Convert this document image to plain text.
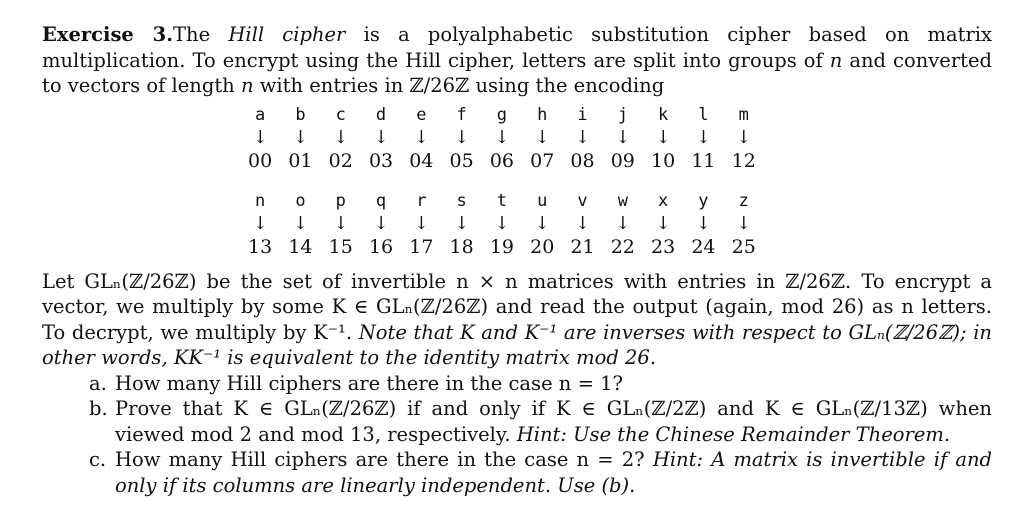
Exercise 3.The Hill cipher is a polyalphabetic substitution cipher based on matrix multiplication. To encrypt using the Hill cipher, letters are split into groups of n and converted to vectors of length n with entries in ℤ/26ℤ using the encoding

a
↓
00
b
↓
01
c
↓
02
d
↓
03
e
↓
04
f
↓
05
g
↓
06
h
↓
07
i
↓
08
j
↓
09
k
↓
10
l
↓
11
m
↓
12
n
↓
13
o
↓
14
p
↓
15
q
↓
16
r
↓
17
s
↓
18
t
↓
19
u
↓
20
v
↓
21
w
↓
22
x
↓
23
y
↓
24
z
↓
25

Let GLₙ(ℤ/26ℤ) be the set of invertible n × n matrices with entries in ℤ/26ℤ. To encrypt a vector, we multiply by some K ∈ GLₙ(ℤ/26ℤ) and read the output (again, mod 26) as n letters. To decrypt, we multiply by K⁻¹. Note that K and K⁻¹ are inverses with respect to GLₙ(ℤ/26ℤ); in other words, KK⁻¹ is equivalent to the identity matrix mod 26.

a. How many Hill ciphers are there in the case n = 1?
b. Prove that K ∈ GLₙ(ℤ/26ℤ) if and only if K ∈ GLₙ(ℤ/2ℤ) and K ∈ GLₙ(ℤ/13ℤ) when viewed mod 2 and mod 13, respectively. Hint: Use the Chinese Remainder Theorem.
c. How many Hill ciphers are there in the case n = 2? Hint: A matrix is invertible if and only if its columns are linearly independent. Use (b).
